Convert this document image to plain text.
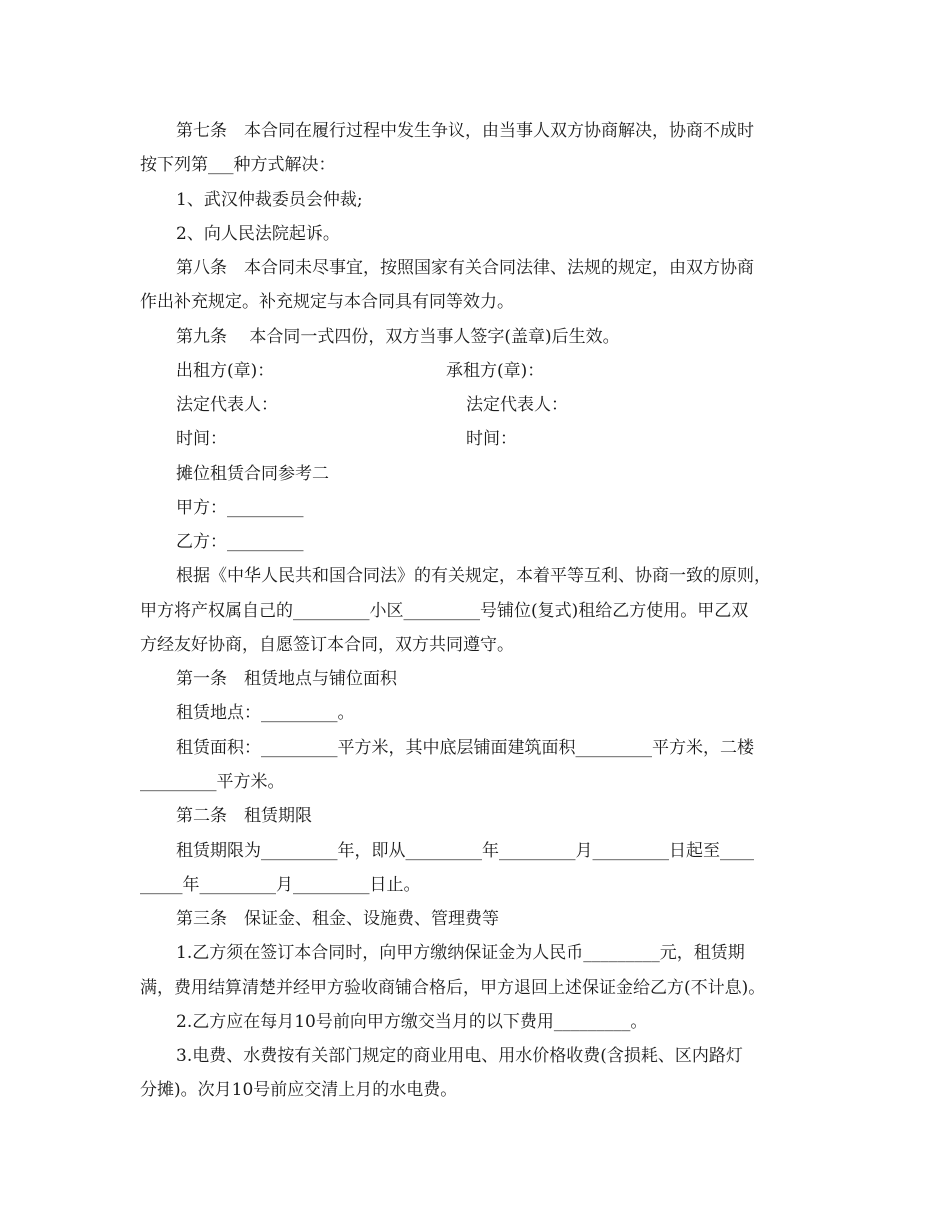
第七条　本合同在履行过程中发生争议，由当事人双方协商解决，协商不成时
按下列第___种方式解决：
1、武汉仲裁委员会仲裁;
2、向人民法院起诉。
第八条　本合同未尽事宜，按照国家有关合同法律、法规的规定，由双方协商
作出补充规定。补充规定与本合同具有同等效力。
第九条　 本合同一式四份，双方当事人签字(盖章)后生效。
出租方(章)：	承租方(章)：
法定代表人：	法定代表人：
时间：	时间：
摊位租赁合同参考二
甲方：_________
乙方：_________
根据《中华人民共和国合同法》的有关规定，本着平等互利、协商一致的原则，
甲方将产权属自己的_________小区_________号铺位(复式)租给乙方使用。甲乙双
方经友好协商，自愿签订本合同，双方共同遵守。
第一条　租赁地点与铺位面积
租赁地点：_________。
租赁面积：_________平方米，其中底层铺面建筑面积_________平方米，二楼
_________平方米。
第二条　租赁期限
租赁期限为_________年，即从_________年_________月_________日起至____
_____年_________月_________日止。
第三条　保证金、租金、设施费、管理费等
1.乙方须在签订本合同时，向甲方缴纳保证金为人民币_________元，租赁期
满，费用结算清楚并经甲方验收商铺合格后，甲方退回上述保证金给乙方(不计息)。
2.乙方应在每月10号前向甲方缴交当月的以下费用_________。
3.电费、水费按有关部门规定的商业用电、用水价格收费(含损耗、区内路灯
分摊)。次月10号前应交清上月的水电费。
